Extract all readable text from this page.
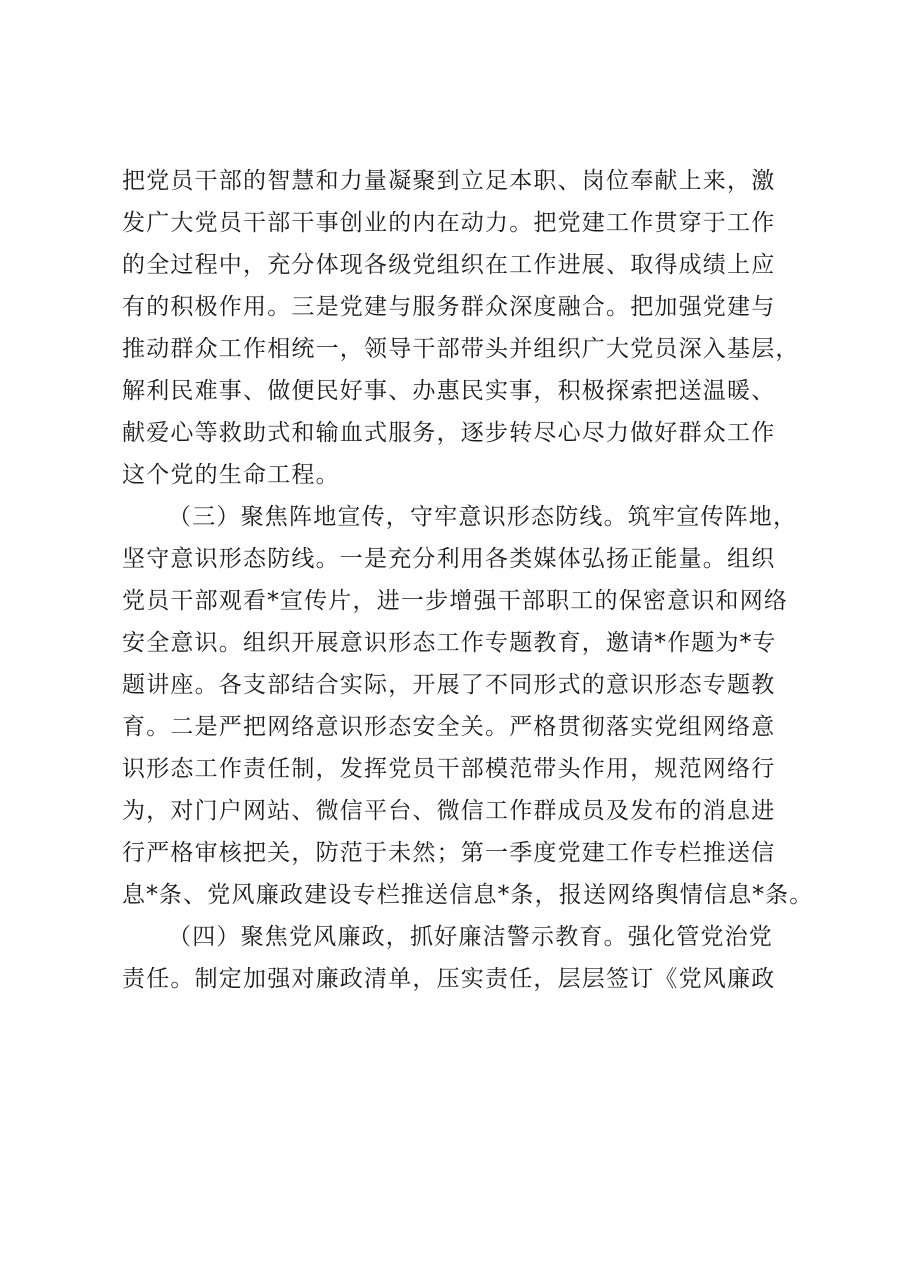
把党员干部的智慧和力量凝聚到立足本职、岗位奉献上来，激
发广大党员干部干事创业的内在动力。把党建工作贯穿于工作
的全过程中，充分体现各级党组织在工作进展、取得成绩上应
有的积极作用。三是党建与服务群众深度融合。把加强党建与
推动群众工作相统一，领导干部带头并组织广大党员深入基层，
解利民难事、做便民好事、办惠民实事，积极探索把送温暖、
献爱心等救助式和输血式服务，逐步转尽心尽力做好群众工作
这个党的生命工程。
（三）聚焦阵地宣传，守牢意识形态防线。筑牢宣传阵地，
坚守意识形态防线。一是充分利用各类媒体弘扬正能量。组织
党员干部观看*宣传片，进一步增强干部职工的保密意识和网络
安全意识。组织开展意识形态工作专题教育，邀请*作题为*专
题讲座。各支部结合实际，开展了不同形式的意识形态专题教
育。二是严把网络意识形态安全关。严格贯彻落实党组网络意
识形态工作责任制，发挥党员干部模范带头作用，规范网络行
为，对门户网站、微信平台、微信工作群成员及发布的消息进
行严格审核把关，防范于未然；第一季度党建工作专栏推送信
息*条、党风廉政建设专栏推送信息*条，报送网络舆情信息*条。
（四）聚焦党风廉政，抓好廉洁警示教育。强化管党治党
责任。制定加强对廉政清单，压实责任，层层签订《党风廉政
